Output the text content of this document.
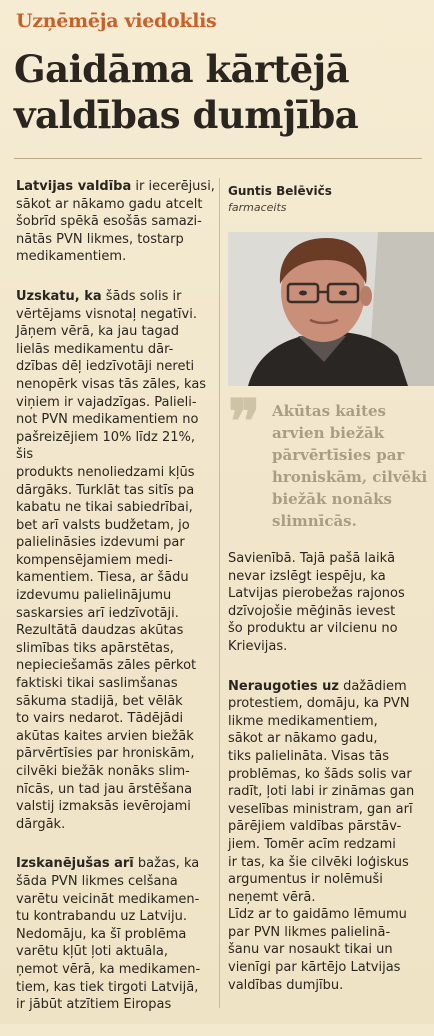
Uzņēmēja viedoklis
Gaidāma kārtējā
valdības dumjība

Latvijas valdība ir iecerējusi,
sākot ar nākamo gadu atcelt
šobrīd spēkā esošās samazi-
nātās PVN likmes, tostarp
medikamentiem.

Uzskatu, ka šāds solis ir
vērtējams visnotaļ negatīvi.
Jāņem vērā, ka jau tagad
lielās medikamentu dār-
dzības dēļ iedzīvotāji nereti
nenopērk visas tās zāles, kas
viņiem ir vajadzīgas. Palieli-
not PVN medikamentiem no
pašreizējiem 10% līdz 21%, šis
produkts nenoliedzami kļūs
dārgāks. Turklāt tas sitīs pa
kabatu ne tikai sabiedrībai,
bet arī valsts budžetam, jo
palielināsies izdevumi par
kompensējamiem medi-
kamentiem. Tiesa, ar šādu
izdevumu palielinājumu
saskarsies arī iedzīvotāji.
Rezultātā daudzas akūtas
slimības tiks apārstētas,
nepieciešamās zāles pērkot
faktiski tikai saslimšanas
sākuma stadijā, bet vēlāk
to vairs nedarot. Tādējādi
akūtas kaites arvien biežāk
pārvērtīsies par hroniskām,
cilvēki biežāk nonāks slim-
nīcās, un tad jau ārstēšana
valstij izmaksās ievērojami
dārgāk.

Izskanējušas arī bažas, ka
šāda PVN likmes celšana
varētu veicināt medikamen-
tu kontrabandu uz Latviju.
Nedomāju, ka šī problēma
varētu kļūt ļoti aktuāla,
ņemot vērā, ka medikamen-
tiem, kas tiek tirgoti Latvijā,
ir jābūt atzītiem Eiropas

Guntis Belēvičs
farmaceits
❞ Akūtas kaites
arvien biežāk
pārvērtīsies par
hroniskām, cilvēki
biežāk nonāks
slimnīcās.

Savienībā. Tajā pašā laikā
nevar izslēgt iespēju, ka
Latvijas pierobežas rajonos
dzīvojošie mēģinās ievest
šo produktu ar vilcienu no
Krievijas.

Neraugoties uz dažādiem
protestiem, domāju, ka PVN
likme medikamentiem,
sākot ar nākamo gadu,
tiks palielināta. Visas tās
problēmas, ko šāds solis var
radīt, ļoti labi ir zināmas gan
veselības ministram, gan arī
pārējiem valdības pārstāv-
jiem. Tomēr acīm redzami
ir tas, ka šie cilvēki loģiskus
argumentus ir nolēmuši
neņemt vērā.
Līdz ar to gaidāmo lēmumu
par PVN likmes palielinā-
šanu var nosaukt tikai un
vienīgi par kārtējo Latvijas
valdības dumjību.
